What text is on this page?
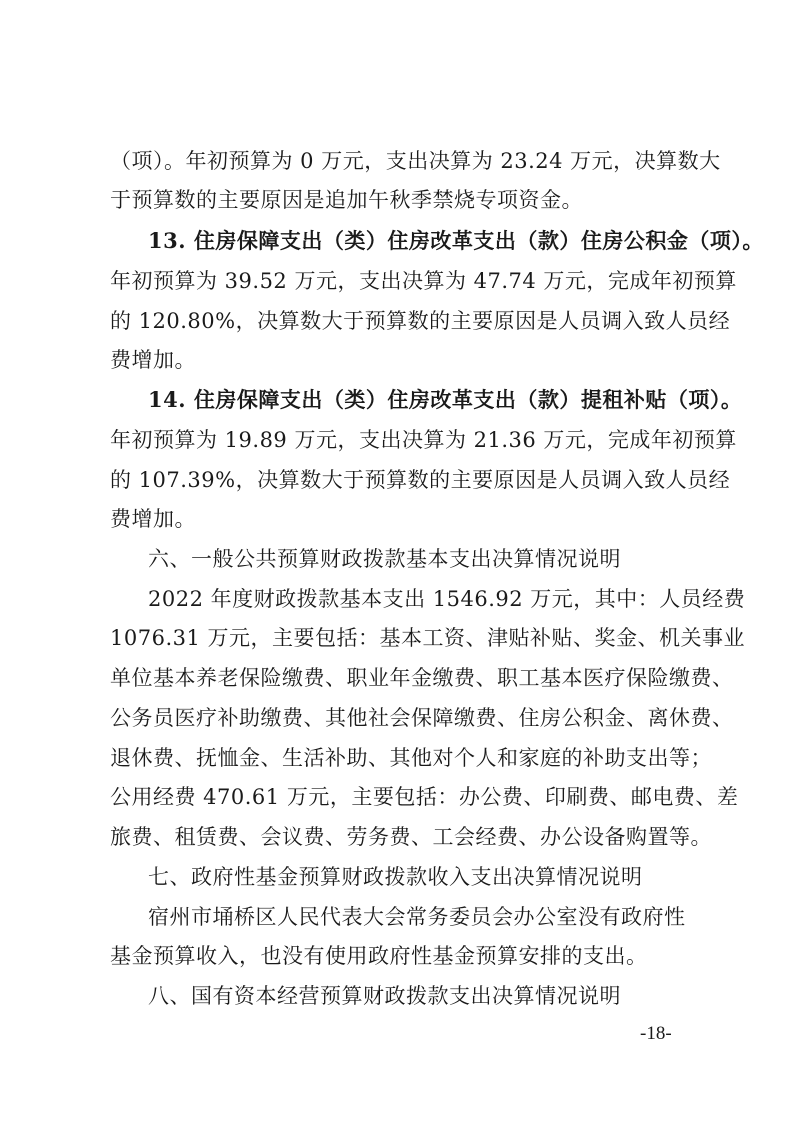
（项）。年初预算为 0 万元，支出决算为 23.24 万元，决算数大
于预算数的主要原因是追加午秋季禁烧专项资金。
13. 住房保障支出（类）住房改革支出（款）住房公积金（项）。
年初预算为 39.52 万元，支出决算为 47.74 万元，完成年初预算
的 120.80%，决算数大于预算数的主要原因是人员调入致人员经
费增加。
14. 住房保障支出（类）住房改革支出（款）提租补贴（项）。
年初预算为 19.89 万元，支出决算为 21.36 万元，完成年初预算
的 107.39%，决算数大于预算数的主要原因是人员调入致人员经
费增加。
六、一般公共预算财政拨款基本支出决算情况说明
2022 年度财政拨款基本支出 1546.92 万元，其中：人员经费
1076.31 万元，主要包括：基本工资、津贴补贴、奖金、机关事业
单位基本养老保险缴费、职业年金缴费、职工基本医疗保险缴费、
公务员医疗补助缴费、其他社会保障缴费、住房公积金、离休费、
退休费、抚恤金、生活补助、其他对个人和家庭的补助支出等；
公用经费 470.61 万元，主要包括：办公费、印刷费、邮电费、差
旅费、租赁费、会议费、劳务费、工会经费、办公设备购置等。
七、政府性基金预算财政拨款收入支出决算情况说明
宿州市埇桥区人民代表大会常务委员会办公室没有政府性
基金预算收入，也没有使用政府性基金预算安排的支出。
八、国有资本经营预算财政拨款支出决算情况说明
-18-
